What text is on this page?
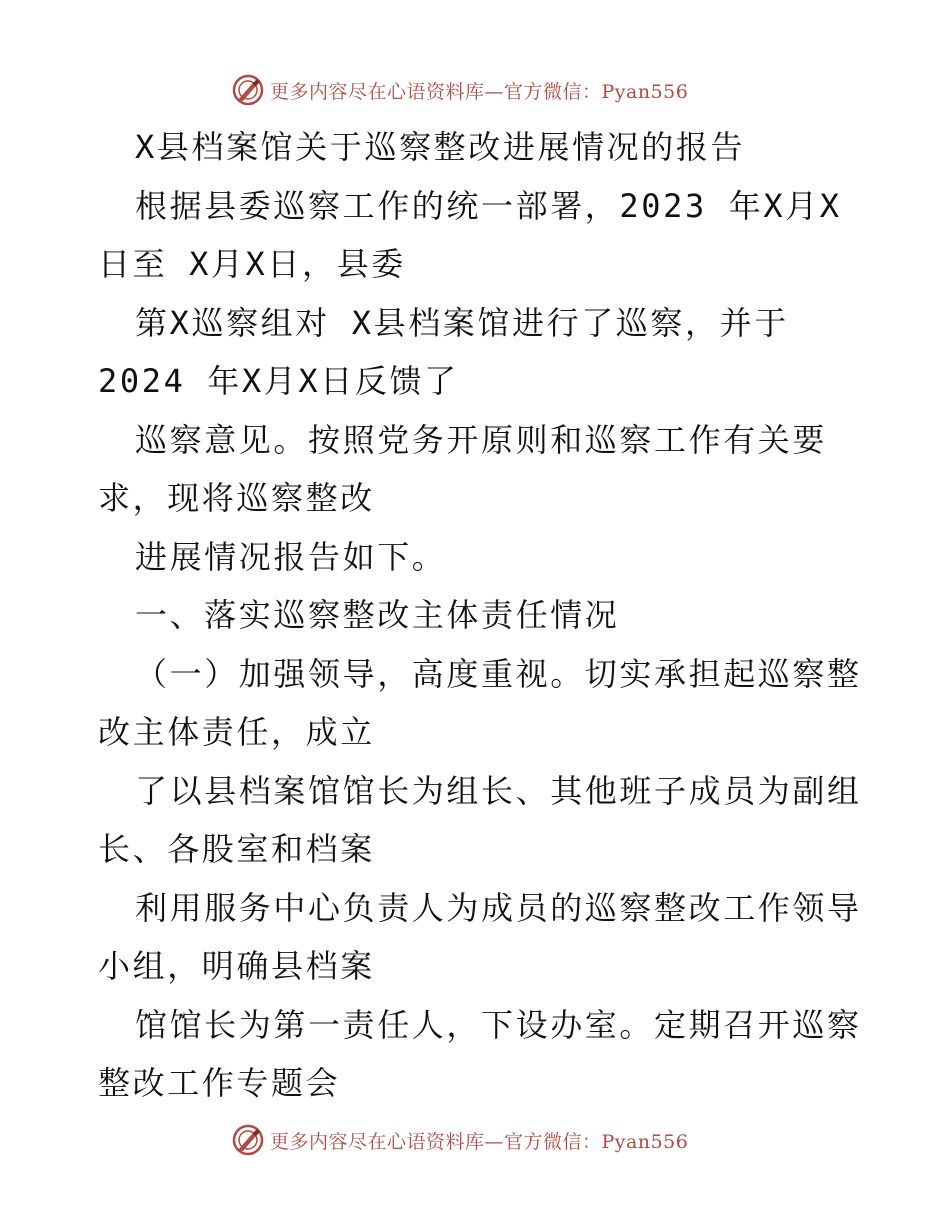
更多内容尽在心语资料库—官方微信：Pyan556
X县档案馆关于巡察整改进展情况的报告
根据县委巡察工作的统一部署，2023 年X月X
日至 X月X日，县委
第X巡察组对 X县档案馆进行了巡察，并于
2024 年X月X日反馈了
巡察意见。按照党务开原则和巡察工作有关要
求，现将巡察整改
进展情况报告如下。
一、落实巡察整改主体责任情况
（一）加强领导，高度重视。切实承担起巡察整
改主体责任，成立
了以县档案馆馆长为组长、其他班子成员为副组
长、各股室和档案
利用服务中心负责人为成员的巡察整改工作领导
小组，明确县档案
馆馆长为第一责任人，下设办室。定期召开巡察
整改工作专题会
更多内容尽在心语资料库—官方微信：Pyan556
